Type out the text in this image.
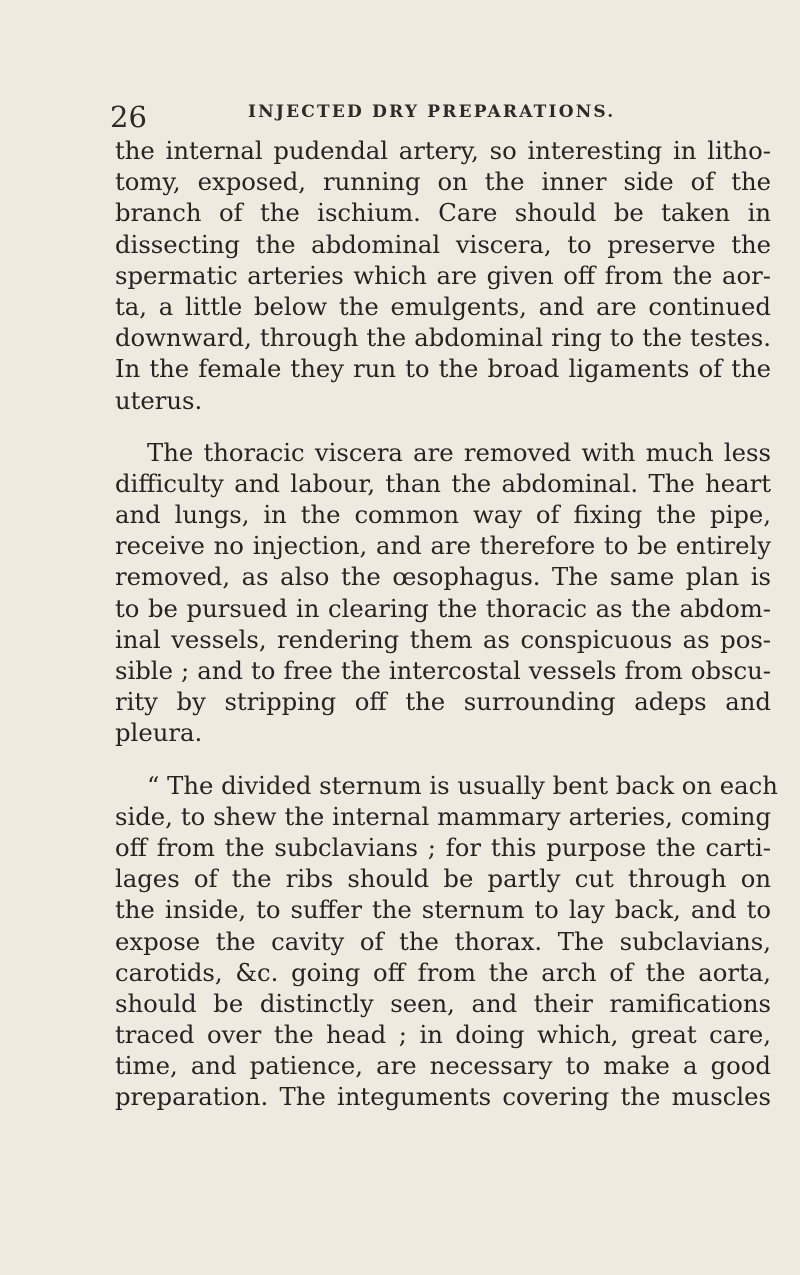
26	INJECTED DRY PREPARATIONS.
the internal pudendal artery, so interesting in litho-
tomy, exposed, running on the inner side of the
branch of the ischium. Care should be taken in
dissecting the abdominal viscera, to preserve the
spermatic arteries which are given off from the aor-
ta, a little below the emulgents, and are continued
downward, through the abdominal ring to the testes.
In the female they run to the broad ligaments of the
uterus.
The thoracic viscera are removed with much less
difficulty and labour, than the abdominal. The heart
and lungs, in the common way of fixing the pipe,
receive no injection, and are therefore to be entirely
removed, as also the œsophagus. The same plan is
to be pursued in clearing the thoracic as the abdom-
inal vessels, rendering them as conspicuous as pos-
sible ; and to free the intercostal vessels from obscu-
rity by stripping off the surrounding adeps and
pleura.
“ The divided sternum is usually bent back on each
side, to shew the internal mammary arteries, coming
off from the subclavians ; for this purpose the carti-
lages of the ribs should be partly cut through on
the inside, to suffer the sternum to lay back, and to
expose the cavity of the thorax. The subclavians,
carotids, &c. going off from the arch of the aorta,
should be distinctly seen, and their ramifications
traced over the head ; in doing which, great care,
time, and patience, are necessary to make a good
preparation. The integuments covering the muscles
